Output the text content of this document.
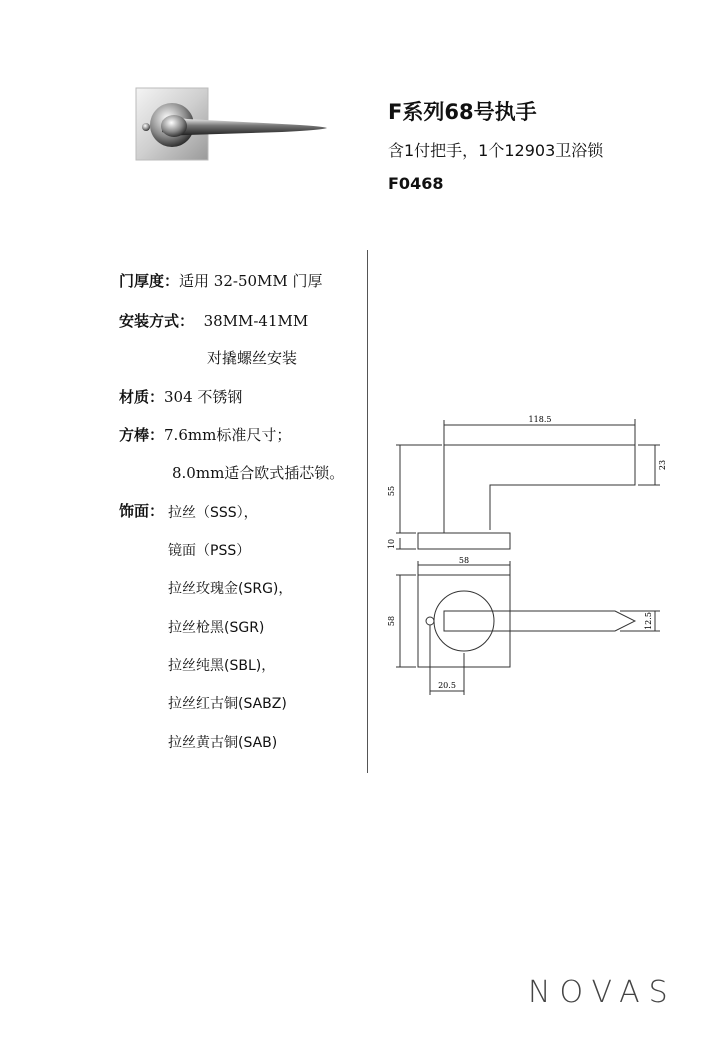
F系列68号执手
含1付把手，1个12903卫浴锁
F0468
门厚度：适用 32-50MM 门厚
安装方式： 38MM-41MM
对撬螺丝安装
材质：304 不锈钢
方棒：7.6mm标准尺寸；
8.0mm适合欧式插芯锁。
饰面： 拉丝（SSS），
镜面（PSS）
拉丝玫瑰金(SRG)，
拉丝枪黑(SGR)
拉丝纯黑(SBL)，
拉丝红古铜(SABZ)
拉丝黄古铜(SAB)
118.5
23
55
10
58
58	12.5
20.5
NOVAS
